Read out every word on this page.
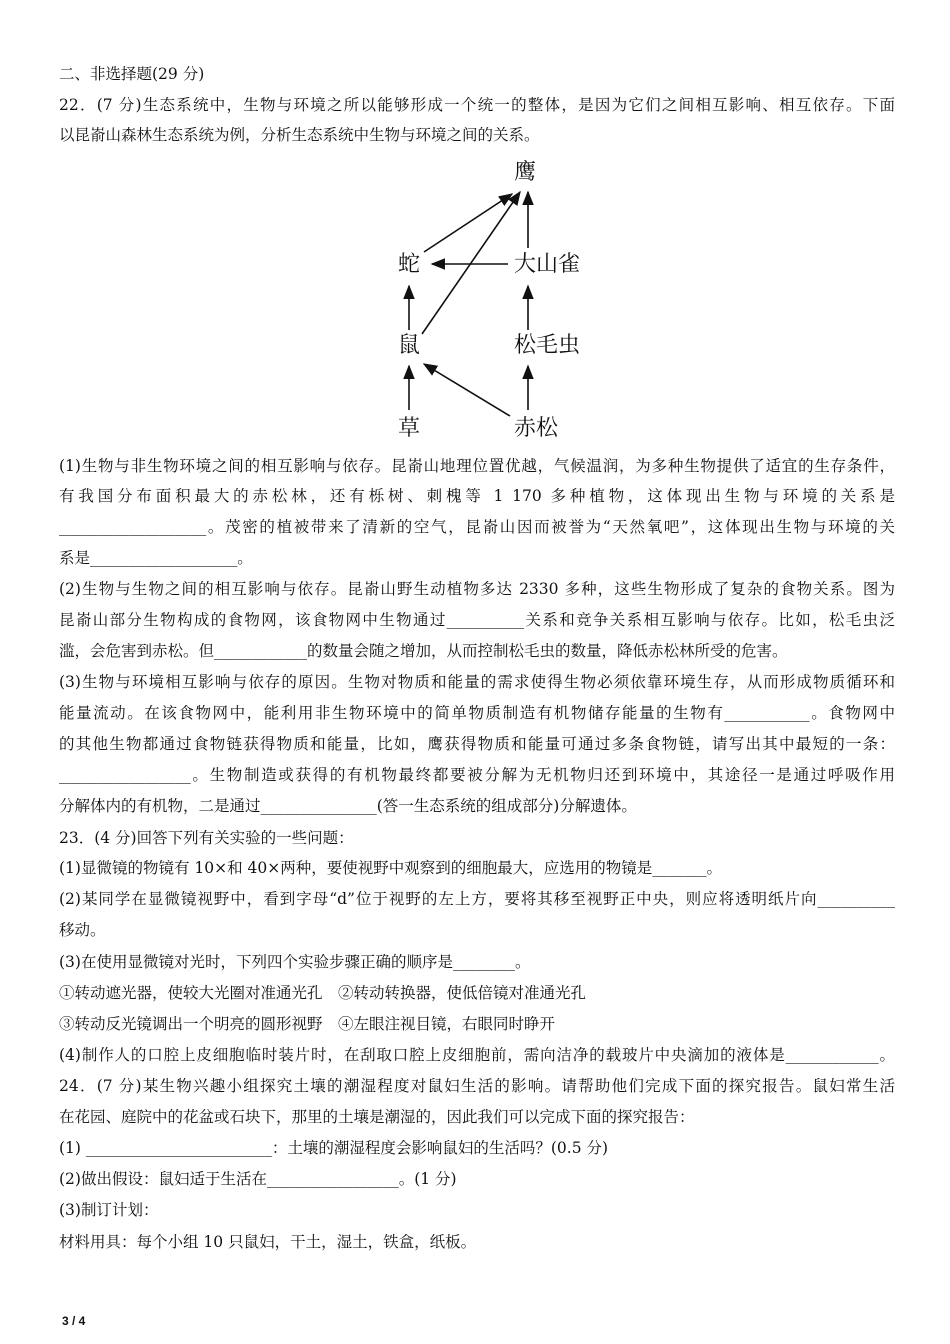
二、非选择题(29 分)
22．(7 分)生态系统中，生物与环境之所以能够形成一个统一的整体，是因为它们之间相互影响、相互依存。下面
以昆嵛山森林生态系统为例，分析生态系统中生物与环境之间的关系。
鹰
蛇	大山雀
鼠	松毛虫
草	赤松
(1)生物与非生物环境之间的相互影响与依存。昆嵛山地理位置优越，气候温润，为多种生物提供了适宜的生存条件，
有我国分布面积最大的赤松林，还有栎树、刺槐等 1 170 多种植物，这体现出生物与环境的关系是
___________________。茂密的植被带来了清新的空气，昆嵛山因而被誉为“天然氧吧”，这体现出生物与环境的关
系是___________________。
(2)生物与生物之间的相互影响与依存。昆嵛山野生动植物多达 2330 多种，这些生物形成了复杂的食物关系。图为
昆嵛山部分生物构成的食物网，该食物网中生物通过__________关系和竞争关系相互影响与依存。比如，松毛虫泛
滥，会危害到赤松。但____________的数量会随之增加，从而控制松毛虫的数量，降低赤松林所受的危害。
(3)生物与环境相互影响与依存的原因。生物对物质和能量的需求使得生物必须依靠环境生存，从而形成物质循环和
能量流动。在该食物网中，能利用非生物环境中的简单物质制造有机物储存能量的生物有___________。食物网中
的其他生物都通过食物链获得物质和能量，比如，鹰获得物质和能量可通过多条食物链，请写出其中最短的一条：
_________________。生物制造或获得的有机物最终都要被分解为无机物归还到环境中，其途径一是通过呼吸作用
分解体内的有机物，二是通过_______________(答一生态系统的组成部分)分解遗体。
23．(4 分)回答下列有关实验的一些问题：
(1)显微镜的物镜有 10×和 40×两种，要使视野中观察到的细胞最大，应选用的物镜是_______。
(2)某同学在显微镜视野中，看到字母“d”位于视野的左上方，要将其移至视野正中央，则应将透明纸片向__________
移动。
(3)在使用显微镜对光时，下列四个实验步骤正确的顺序是________。
①转动遮光器，使较大光圈对准通光孔　②转动转换器，使低倍镜对准通光孔
③转动反光镜调出一个明亮的圆形视野　④左眼注视目镜，右眼同时睁开
(4)制作人的口腔上皮细胞临时装片时，在刮取口腔上皮细胞前，需向洁净的载玻片中央滴加的液体是____________。
24．(7 分)某生物兴趣小组探究土壤的潮湿程度对鼠妇生活的影响。请帮助他们完成下面的探究报告。鼠妇常生活
在花园、庭院中的花盆或石块下，那里的土壤是潮湿的，因此我们可以完成下面的探究报告：
(1) ________________________：土壤的潮湿程度会影响鼠妇的生活吗？(0.5 分)
(2)做出假设：鼠妇适于生活在_________________。(1 分)
(3)制订计划：
材料用具：每个小组 10 只鼠妇，干土，湿土，铁盒，纸板。
3 / 4
